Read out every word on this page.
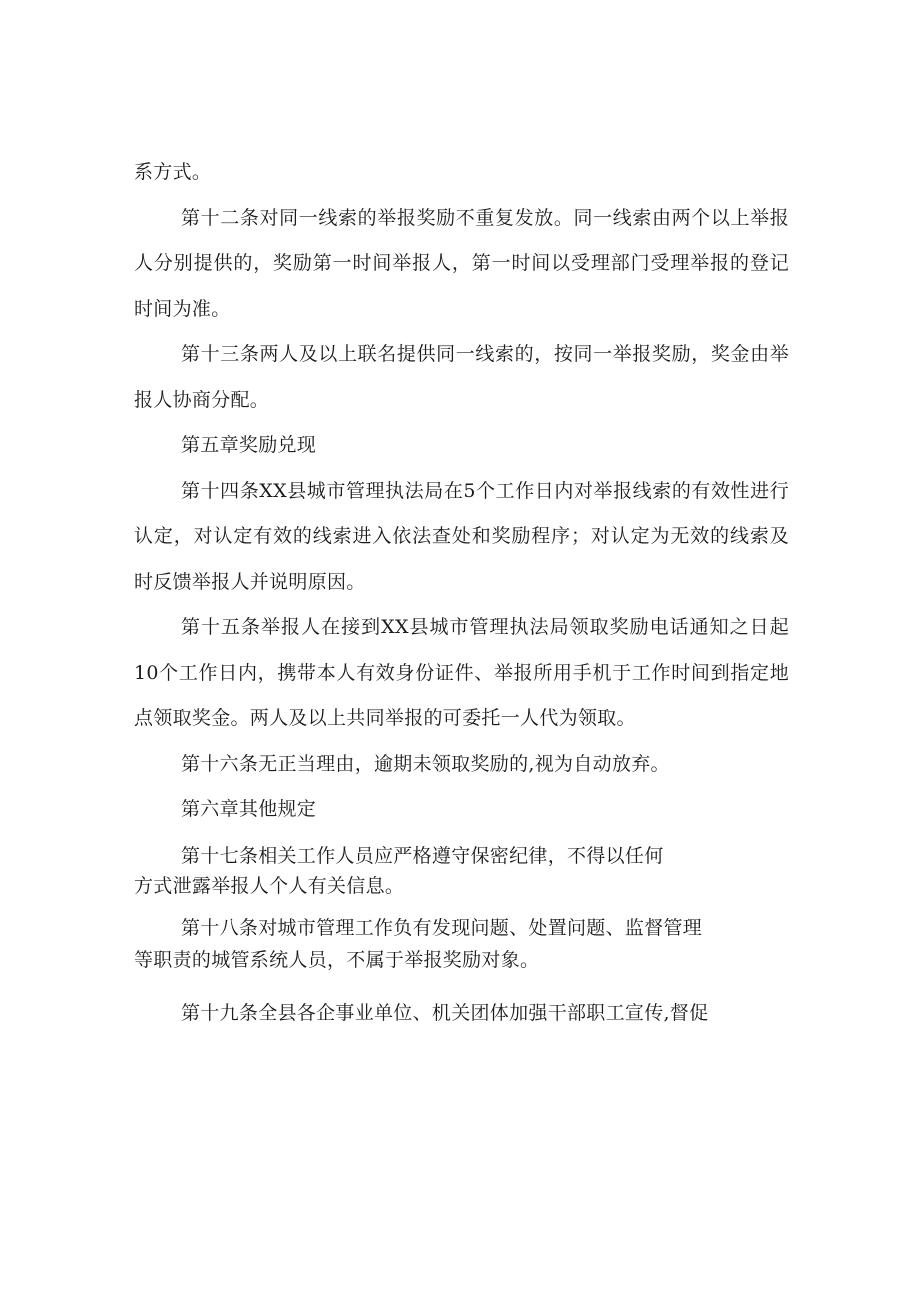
系方式。

第十二条对同一线索的举报奖励不重复发放。同一线索由两个以上举报人分别提供的，奖励第一时间举报人，第一时间以受理部门受理举报的登记时间为准。

第十三条两人及以上联名提供同一线索的，按同一举报奖励，奖金由举报人协商分配。

第五章奖励兑现

第十四条XX县城市管理执法局在5个工作日内对举报线索的有效性进行认定，对认定有效的线索进入依法查处和奖励程序；对认定为无效的线索及时反馈举报人并说明原因。

第十五条举报人在接到XX县城市管理执法局领取奖励电话通知之日起10个工作日内，携带本人有效身份证件、举报所用手机于工作时间到指定地点领取奖金。两人及以上共同举报的可委托一人代为领取。

第十六条无正当理由，逾期未领取奖励的,视为自动放弃。

第六章其他规定

第十七条相关工作人员应严格遵守保密纪律，不得以任何

方式泄露举报人个人有关信息。

第十八条对城市管理工作负有发现问题、处置问题、监督管理

等职责的城管系统人员，不属于举报奖励对象。

第十九条全县各企事业单位、机关团体加强干部职工宣传,督促
